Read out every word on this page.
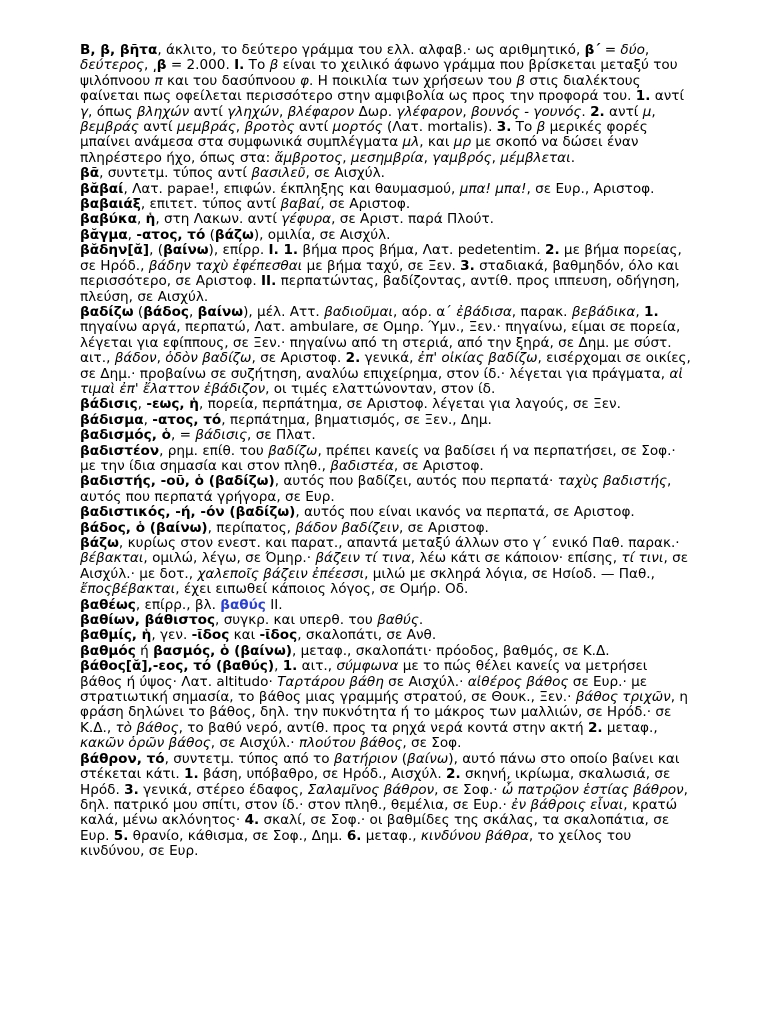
Β, β, βῆτα, άκλιτο, το δεύτερο γράμμα του ελλ. αλφαβ.· ως αριθμητικό, β΄ = δύο, δεύτερος, ͵β = 2.000. I. Το β είναι το χειλικό άφωνο γράμμα που βρίσκεται μεταξύ του ψιλόπνοου π και του δασύπνοου φ. Η ποικιλία των χρήσεων του β στις διαλέκτους φαίνεται πως οφείλεται περισσότερο στην αμφιβολία ως προς την προφορά του. 1. αντί γ, όπως βληχών αντί γληχών, βλέφαρον Δωρ. γλέφαρον, βουνός - γουνός. 2. αντί μ, βεμβράς αντί μεμβράς, βροτὸς αντί μορτός (Λατ. mortalis). 3. Το β μερικές φορές μπαίνει ανάμεσα στα συμφωνικά συμπλέγματα μλ, και μρ με σκοπό να δώσει έναν πληρέστερο ήχο, όπως στα: ἄμβροτος, μεσημβρία, γαμβρός, μέμβλεται.

βᾶ, συντετμ. τύπος αντί βασιλεῦ, σε Αισχύλ.

βᾰβαί, Λατ. papae!, επιφών. έκπληξης και θαυμασμού, μπα! μπα!, σε Ευρ., Αριστοφ.

βαβαιάξ, επιτετ. τύπος αντί βαβαί, σε Αριστοφ.

βαβύκα, ἡ, στη Λακων. αντί γέφυρα, σε Αριστ. παρά Πλούτ.

βᾰγμα, -ατος, τό (βάζω), ομιλία, σε Αισχύλ.

βᾰδην[ᾰ], (βαίνω), επίρρ. I. 1. βήμα προς βήμα, Λατ. pedetentim. 2. με βήμα πορείας, σε Ηρόδ., βάδην ταχὺ ἐφέπεσθαι με βήμα ταχύ, σε Ξεν. 3. σταδιακά, βαθμηδόν, όλο και περισσότερο, σε Αριστοφ. II. περπατώντας, βαδίζοντας, αντίθ. προς ιππευση, οδήγηση, πλεύση, σε Αισχύλ.

βαδίζω (βάδος, βαίνω), μέλ. Αττ. βαδιοῦμαι, αόρ. α΄ ἐβάδισα, παρακ. βεβάδικα, 1. πηγαίνω αργά, περπατώ, Λατ. ambulare, σε Ομηρ. Ύμν., Ξεν.· πηγαίνω, είμαι σε πορεία, λέγεται για εφίππους, σε Ξεν.· πηγαίνω από τη στεριά, από την ξηρά, σε Δημ. με σύστ. αιτ., βάδον, ὁδὸν βαδίζω, σε Αριστοφ. 2. γενικά, ἐπ' οἰκίας βαδίζω, εισέρχομαι σε οικίες, σε Δημ.· προβαίνω σε συζήτηση, αναλύω επιχείρημα, στον ίδ.· λέγεται για πράγματα, αἱ τιμαὶ ἐπ' ἔλαττον ἐβάδιζον, οι τιμές ελαττώνονταν, στον ίδ.

βάδισις, -εως, ἡ, πορεία, περπάτημα, σε Αριστοφ. λέγεται για λαγούς, σε Ξεν.

βάδισμα, -ατος, τό, περπάτημα, βηματισμός, σε Ξεν., Δημ.

βαδισμός, ὁ, = βάδισις, σε Πλατ.

βαδιστέον, ρημ. επίθ. του βαδίζω, πρέπει κανείς να βαδίσει ή να περπατήσει, σε Σοφ.· με την ίδια σημασία και στον πληθ., βαδιστέα, σε Αριστοφ.

βαδιστής, -οῦ, ὁ (βαδίζω), αυτός που βαδίζει, αυτός που περπατά· ταχὺς βαδιστής, αυτός που περπατά γρήγορα, σε Ευρ.

βαδιστικός, -ή, -όν (βαδίζω), αυτός που είναι ικανός να περπατά, σε Αριστοφ.

βάδος, ὁ (βαίνω), περίπατος, βάδον βαδίζειν, σε Αριστοφ.

βάζω, κυρίως στον ενεστ. και παρατ., απαντά μεταξύ άλλων στο γ΄ ενικό Παθ. παρακ.· βέβακται, ομιλώ, λέγω, σε Όμηρ.· βάζειν τί τινα, λέω κάτι σε κάποιον· επίσης, τί τινι, σε Αισχύλ.· με δοτ., χαλεποῖς βάζειν ἐπέεσσι, μιλώ με σκληρά λόγια, σε Ησίοδ. — Παθ., ἔποςβέβακται, έχει ειπωθεί κάποιος λόγος, σε Ομήρ. Οδ.

βαθέως, επίρρ., βλ. βαθύς II.

βαθίων, βάθιστος, συγκρ. και υπερθ. του βαθύς.

βαθμίς, ἡ, γεν. -ῖδος και -ῖδος, σκαλοπάτι, σε Ανθ.

βαθμός ή βασμός, ὁ (βαίνω), μεταφ., σκαλοπάτι· πρόοδος, βαθμός, σε Κ.Δ.

βάθος[ᾰ],-εος, τό (βαθύς), 1. αιτ., σύμφωνα με το πώς θέλει κανείς να μετρήσει βάθος ή ύψος· Λατ. altitudo· Ταρτάρου βάθη σε Αισχύλ.· αἰθέρος βάθος σε Ευρ.· με στρατιωτική σημασία, το βάθος μιας γραμμής στρατού, σε Θουκ., Ξεν.· βάθος τριχῶν, η φράση δηλώνει το βάθος, δηλ. την πυκνότητα ή το μάκρος των μαλλιών, σε Ηρόδ.· σε Κ.Δ., τὸ βάθος, το βαθύ νερό, αντίθ. προς τα ρηχά νερά κοντά στην ακτή 2. μεταφ., κακῶν ὁρῶν βάθος, σε Αισχύλ.· πλούτου βάθος, σε Σοφ.

βάθρον, τό, συντετμ. τύπος από το βατήριον (βαίνω), αυτό πάνω στο οποίο βαίνει και στέκεται κάτι. 1. βάση, υπόβαθρο, σε Ηρόδ., Αισχύλ. 2. σκηνή, ικρίωμα, σκαλωσιά, σε Ηρόδ. 3. γενικά, στέρεο έδαφος, Σαλαμῖνος βάθρον, σε Σοφ.· ὦ πατρῷον ἑστίας βάθρον, δηλ. πατρικό μου σπίτι, στον ίδ.· στον πληθ., θεμέλια, σε Ευρ.· ἐν βάθροις εἶναι, κρατώ καλά, μένω ακλόνητος· 4. σκαλί, σε Σοφ.· οι βαθμίδες της σκάλας, τα σκαλοπάτια, σε Ευρ. 5. θρανίο, κάθισμα, σε Σοφ., Δημ. 6. μεταφ., κινδύνου βάθρα, το χείλος του κινδύνου, σε Ευρ.
